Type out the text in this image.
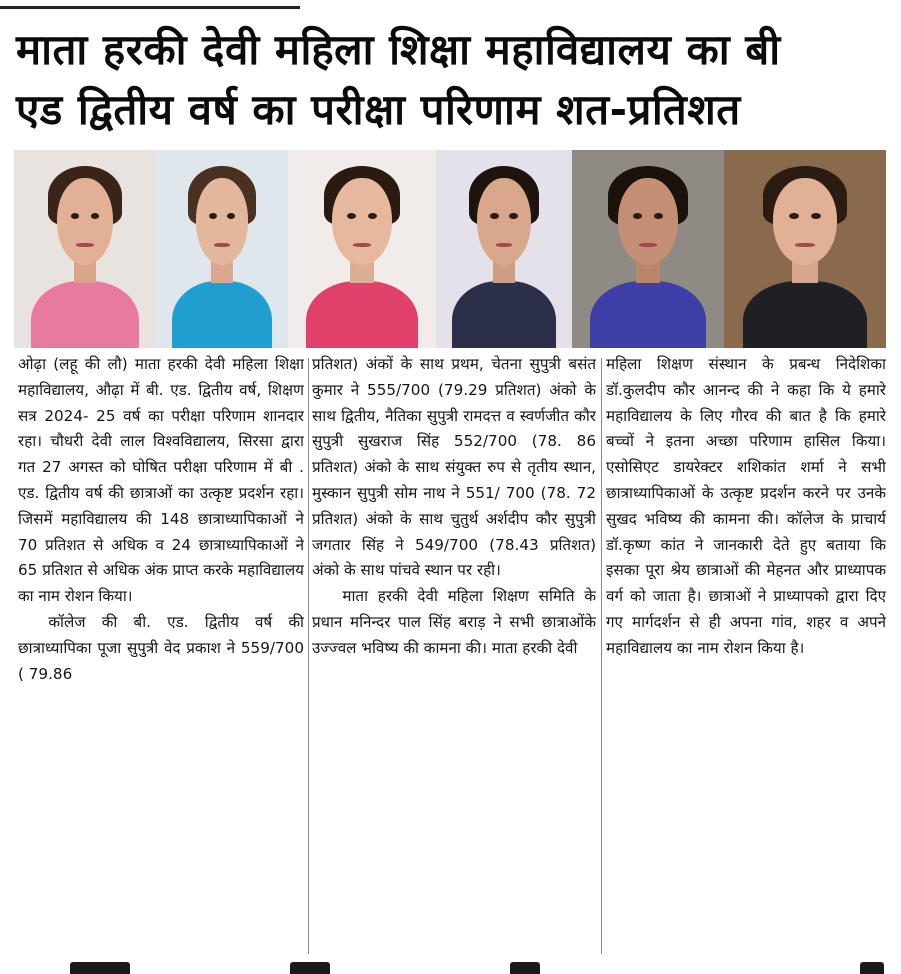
माता हरकी देवी महिला शिक्षा महाविद्यालय का बी
एड द्वितीय वर्ष का परीक्षा परिणाम शत-प्रतिशत

ओढ़ा (लहू की लौ) माता हरकी देवी महिला शिक्षा महाविद्यालय, औढ़ा में बी. एड. द्वितीय वर्ष, शिक्षण सत्र 2024- 25 वर्ष का परीक्षा परिणाम शानदार रहा। चौधरी देवी लाल विश्वविद्यालय, सिरसा द्वारा गत 27 अगस्त को घोषित परीक्षा परिणाम में बी . एड. द्वितीय वर्ष की छात्राओं का उत्कृष्ट प्रदर्शन रहा। जिसमें महाविद्यालय की 148 छात्राध्यापिकाओं ने 70 प्रतिशत से अधिक व 24 छात्राध्यापिकाओं ने 65 प्रतिशत से अधिक अंक प्राप्त करके महाविद्यालय का नाम रोशन किया।

कॉलेज की बी. एड. द्वितीय वर्ष की छात्राध्यापिका पूजा सुपुत्री वेद प्रकाश ने 559/700 ( 79.86

प्रतिशत) अंकों के साथ प्रथम, चेतना सुपुत्री बसंत कुमार ने 555/700 (79.29 प्रतिशत) अंको के साथ द्वितीय, नैतिका सुपुत्री रामदत्त व स्वर्णजीत कौर सुपुत्री सुखराज सिंह 552/700 (78. 86 प्रतिशत) अंको के साथ संयुक्त रुप से तृतीय स्थान, मुस्कान सुपुत्री सोम नाथ ने 551/ 700 (78. 72 प्रतिशत) अंको के साथ चुतुर्थ अर्शदीप कौर सुपुत्री जगतार सिंह ने 549/700 (78.43 प्रतिशत) अंको के साथ पांचवे स्थान पर रही।

माता हरकी देवी महिला शिक्षण समिति के प्रधान मनिन्दर पाल सिंह बराड़ ने सभी छात्राओंके उज्ज्वल भविष्य की कामना की। माता हरकी देवी

महिला शिक्षण संस्थान के प्रबन्ध निदेशिका डॉ.कुलदीप कौर आनन्द की ने कहा कि ये हमारे महाविद्यालय के लिए गौरव की बात है कि हमारे बच्चों ने इतना अच्छा परिणाम हासिल किया। एसोसिएट डायरेक्टर शशिकांत शर्मा ने सभी छात्राध्यापिकाओं के उत्कृष्ट प्रदर्शन करने पर उनके सुखद भविष्य की कामना की। कॉलेज के प्राचार्य डॉ.कृष्ण कांत ने जानकारी देते हुए बताया कि इसका पूरा श्रेय छात्राओं की मेहनत और प्राध्यापक वर्ग को जाता है। छात्राओं ने प्राध्यापको द्वारा दिए गए मार्गदर्शन से ही अपना गांव, शहर व अपने महाविद्यालय का नाम रोशन किया है।
